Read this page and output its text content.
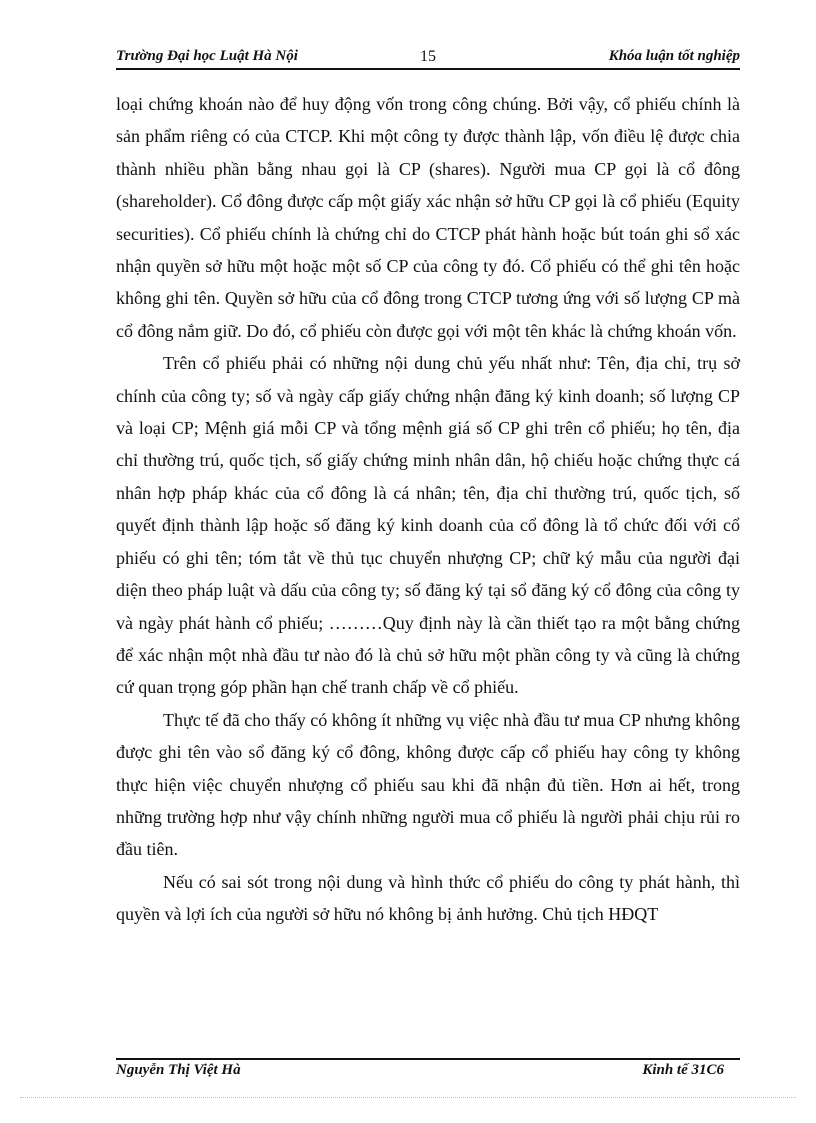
Trường Đại học Luật Hà Nội	15	Khóa luận tốt nghiệp

loại chứng khoán nào để huy động vốn trong công chúng. Bởi vậy, cổ phiếu chính là sản phẩm riêng có của CTCP. Khi một công ty được thành lập, vốn điều lệ được chia thành nhiều phần bằng nhau gọi là CP (shares). Người mua CP gọi là cổ đông (shareholder). Cổ đông được cấp một giấy xác nhận sở hữu CP gọi là cổ phiếu (Equity securities). Cổ phiếu chính là chứng chỉ do CTCP phát hành hoặc bút toán ghi sổ xác nhận quyền sở hữu một hoặc một số CP của công ty đó. Cổ phiếu có thể ghi tên hoặc không ghi tên. Quyền sở hữu của cổ đông trong CTCP tương ứng với số lượng CP mà cổ đông nắm giữ. Do đó, cổ phiếu còn được gọi với một tên khác là chứng khoán vốn.

Trên cổ phiếu phải có những nội dung chủ yếu nhất như: Tên, địa chỉ, trụ sở chính của công ty; số và ngày cấp giấy chứng nhận đăng ký kinh doanh; số lượng CP và loại CP; Mệnh giá mỗi CP và tổng mệnh giá số CP ghi trên cổ phiếu; họ tên, địa chỉ thường trú, quốc tịch, số giấy chứng minh nhân dân, hộ chiếu hoặc chứng thực cá nhân hợp pháp khác của cổ đông là cá nhân; tên, địa chỉ thường trú, quốc tịch, số quyết định thành lập hoặc số đăng ký kinh doanh của cổ đông là tổ chức đối với cổ phiếu có ghi tên; tóm tắt về thủ tục chuyển nhượng CP; chữ ký mẫu của người đại diện theo pháp luật và dấu của công ty; số đăng ký tại sổ đăng ký cổ đông của công ty và ngày phát hành cổ phiếu; ………Quy định này là cần thiết tạo ra một bằng chứng để xác nhận một nhà đầu tư nào đó là chủ sở hữu một phần công ty và cũng là chứng cứ quan trọng góp phần hạn chế tranh chấp về cổ phiếu.

Thực tế đã cho thấy có không ít những vụ việc nhà đầu tư mua CP nhưng không được ghi tên vào sổ đăng ký cổ đông, không được cấp cổ phiếu hay công ty không thực hiện việc chuyển nhượng cổ phiếu sau khi đã nhận đủ tiền. Hơn ai hết, trong những trường hợp như vậy chính những người mua cổ phiếu là người phải chịu rủi ro đầu tiên.

Nếu có sai sót trong nội dung và hình thức cổ phiếu do công ty phát hành, thì quyền và lợi ích của người sở hữu nó không bị ảnh hưởng. Chủ tịch HĐQT

Nguyễn Thị Việt Hà	Kinh tế 31C6
